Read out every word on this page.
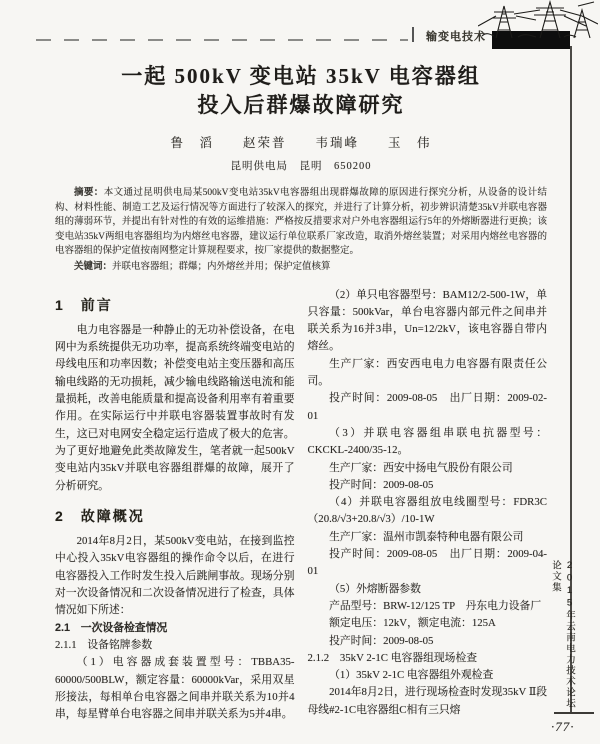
输变电技术
2015年云南电力技术论坛论文集
·77·
一起 500kV 变电站 35kV 电容器组
投入后群爆故障研究
鲁　滔　　赵荣普　　韦瑞峰　　玉　伟
昆明供电局　昆明　650200

摘要：本文通过昆明供电局某500kV变电站35kV电容器组出现群爆故障的原因进行探究分析，从设备的设计结构、材料性能、制造工艺及运行情况等方面进行了较深入的探究，并进行了计算分析，初步辨识清楚35kV并联电容器组的薄弱环节，并提出有针对性的有效的运维措施：严格按反措要求对户外电容器组运行5年的外熔断器进行更换；该变电站35kV两组电容器组均为内熔丝电容器，建议运行单位联系厂家改造，取消外熔丝装置；对采用内熔丝电容器的电容器组的保护定值按南网整定计算规程要求，按厂家提供的数据整定。

关键词：并联电容器组；群爆；内外熔丝并用；保护定值核算

1　前言

电力电容器是一种静止的无功补偿设备，在电网中为系统提供无功功率，提高系统终端变电站的母线电压和功率因数；补偿变电站主变压器和高压输电线路的无功损耗，减少输电线路输送电流和能量损耗，改善电能质量和提高设备利用率有着重要作用。在实际运行中并联电容器装置事故时有发生，这已对电网安全稳定运行造成了极大的危害。为了更好地避免此类故障发生，笔者就一起500kV变电站内35kV并联电容器组群爆的故障，展开了分析研究。

2　故障概况

2014年8月2日，某500kV变电站，在接到监控中心投入35kV电容器组的操作命令以后，在进行电容器投入工作时发生投入后跳闸事故。现场分别对一次设备情况和二次设备情况进行了检查，具体情况如下所述：

2.1　一次设备检查情况

2.1.1　设备铭牌参数

（1）电容器成套装置型号：TBBA35-60000/500BLW，额定容量：60000kVar，采用双星形接法，每相单台电容器之间串并联关系为10并4串，每星臂单台电容器之间串并联关系为5并4串。

（2）单只电容器型号：BAM12/2-500-1W，单只容量：500kVar，单台电容器内部元件之间串并联关系为16并3串，Un=12/2kV，该电容器自带内熔丝。

生产厂家：西安西电电力电容器有限责任公司。

投产时间：2009-08-05　出厂日期：2009-02-01

（3）并联电容器组串联电抗器型号：CKCKL-2400/35-12。

生产厂家：西安中扬电气股份有限公司

投产时间：2009-08-05

（4）并联电容器组放电线圈型号：FDR3C（20.8/√3+20.8/√3）/10-1W

生产厂家：温州市凯泰特种电器有限公司

投产时间：2009-08-05　出厂日期：2009-04-01

（5）外熔断器参数

产品型号：BRW-12/125 TP　丹东电力设备厂

额定电压：12kV，额定电流：125A

投产时间：2009-08-05

2.1.2　35kV 2-1C 电容器组现场检查

（1）35kV 2-1C 电容器组外观检查

2014年8月2日，进行现场检查时发现35kV Ⅱ段母线#2-1C电容器组C相有三只熔
